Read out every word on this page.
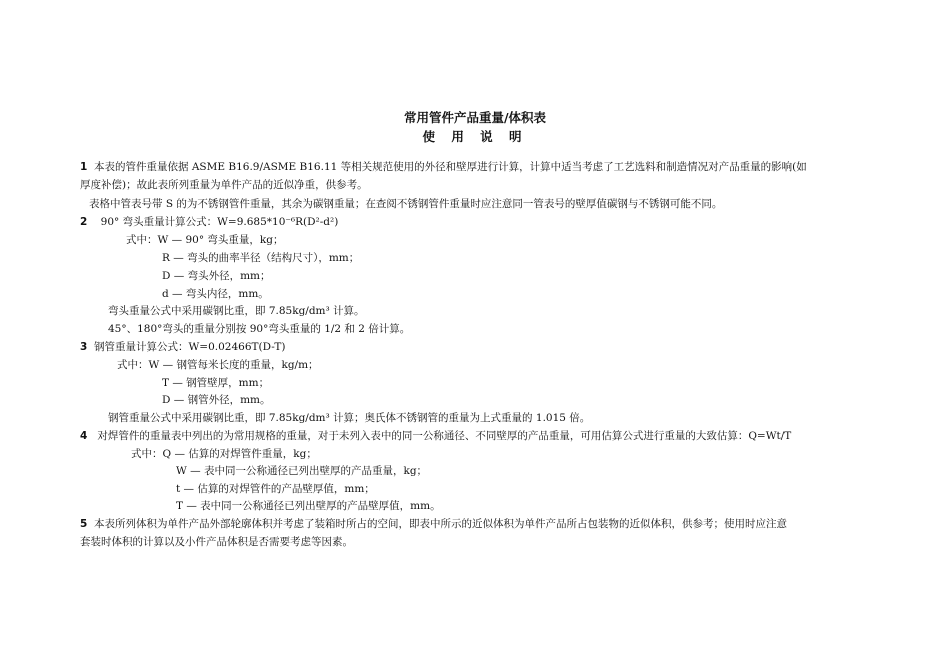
常用管件产品重量/体积表
使 用 说 明
1 本表的管件重量依据 ASME B16.9/ASME B16.11 等相关规范使用的外径和壁厚进行计算，计算中适当考虑了工艺选料和制造情况对产品重量的影响(如
厚度补偿)；故此表所列重量为单件产品的近似净重，供参考。
表格中管表号带 S 的为不锈钢管件重量，其余为碳钢重量；在查阅不锈钢管件重量时应注意同一管表号的壁厚值碳钢与不锈钢可能不同。
2 90° 弯头重量计算公式：W=9.685*10⁻⁶R(D²-d²)
式中：W — 90° 弯头重量，kg；
R — 弯头的曲率半径（结构尺寸），mm；
D — 弯头外径，mm；
d — 弯头内径，mm。
弯头重量公式中采用碳钢比重，即 7.85kg/dm³ 计算。
45°、180°弯头的重量分别按 90°弯头重量的 1/2 和 2 倍计算。
3 钢管重量计算公式：W=0.02466T(D-T)
式中：W — 钢管每米长度的重量，kg/m；
T — 钢管壁厚，mm；
D — 钢管外径，mm。
钢管重量公式中采用碳钢比重，即 7.85kg/dm³ 计算；奥氏体不锈钢管的重量为上式重量的 1.015 倍。
4 对焊管件的重量表中列出的为常用规格的重量，对于未列入表中的同一公称通径、不同壁厚的产品重量，可用估算公式进行重量的大致估算：Q=Wt/T
式中：Q — 估算的对焊管件重量，kg；
W — 表中同一公称通径已列出壁厚的产品重量，kg；
t — 估算的对焊管件的产品壁厚值，mm；
T — 表中同一公称通径已列出壁厚的产品壁厚值，mm。
5 本表所列体积为单件产品外部轮廓体积并考虑了装箱时所占的空间，即表中所示的近似体积为单件产品所占包装物的近似体积，供参考；使用时应注意
套装时体积的计算以及小件产品体积是否需要考虑等因素。
